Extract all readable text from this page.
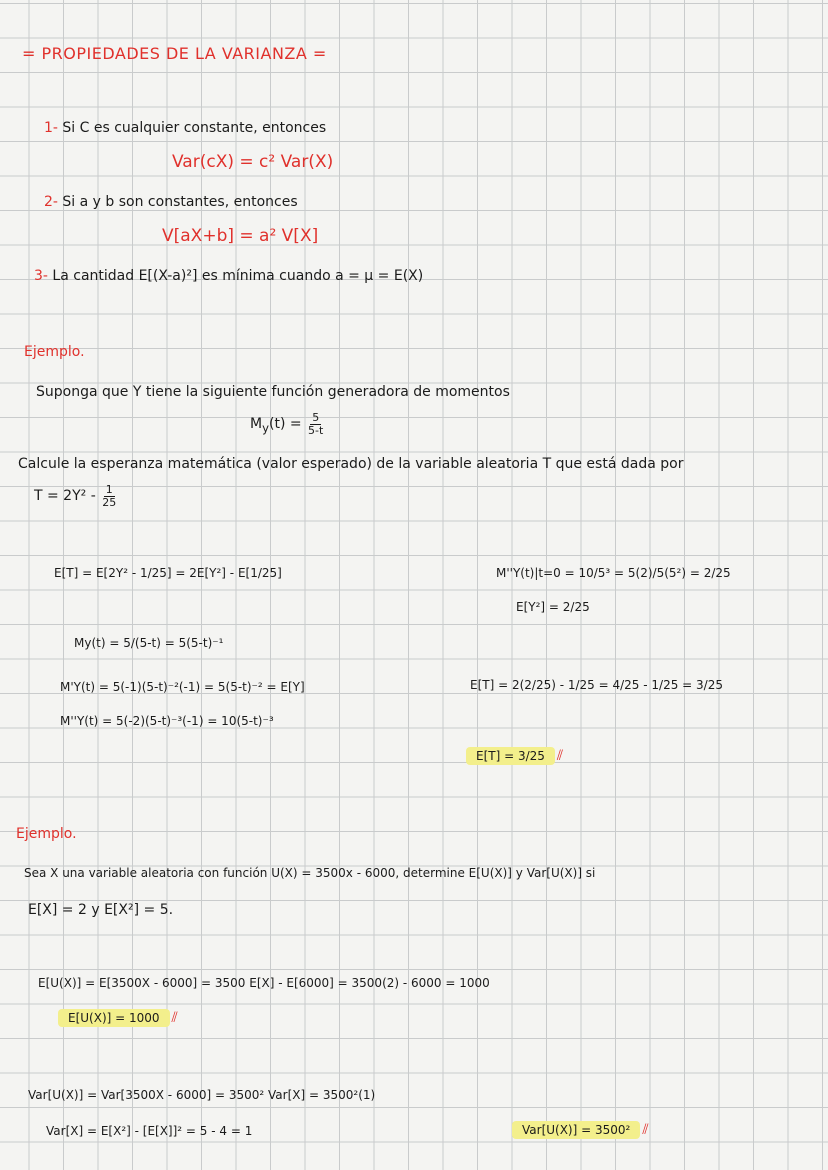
= PROPIEDADES DE LA VARIANZA =
1- Si C es cualquier constante, entonces
Var(cX) = c² Var(X)
2- Si a y b son constantes, entonces
V[aX+b] = a² V[X]
3- La cantidad E[(X-a)²] es mínima cuando a = μ = E(X)
Ejemplo.
Suponga que Y tiene la siguiente función generadora de momentos
$M_y(t) = \frac{5}{5-t}$
Calcule la esperanza matemática (valor esperado) de la variable aleatoria T que está dada por
$T = 2Y^2 - \frac{1}{25}$
E[T] = E[2Y² - 1/25] = 2E[Y²] - E[1/25]
My(t) = 5/(5-t) = 5(5-t)⁻¹
M'Y(t) = 5(-1)(5-t)⁻²(-1) = 5(5-t)⁻² = E[Y]
M''Y(t) = 5(-2)(5-t)⁻³(-1) = 10(5-t)⁻³
M''Y(t)|t=0 = 10/5³ = 5(2)/5(5²) = 2/25
E[Y²] = 2/25
E[T] = 2(2/25) - 1/25 = 4/25 - 1/25 = 3/25
E[T] = 3/25 ⫽
Ejemplo.
Sea X una variable aleatoria con función U(X) = 3500x - 6000, determine E[U(X)] y Var[U(X)] si
E[X] = 2 y E[X²] = 5.
E[U(X)] = E[3500X - 6000] = 3500 E[X] - E[6000] = 3500(2) - 6000 = 1000
E[U(X)] = 1000 ⫽
Var[U(X)] = Var[3500X - 6000] = 3500² Var[X] = 3500²(1)
Var[X] = E[X²] - [E[X]]² = 5 - 4 = 1	Var[U(X)] = 3500² ⫽
